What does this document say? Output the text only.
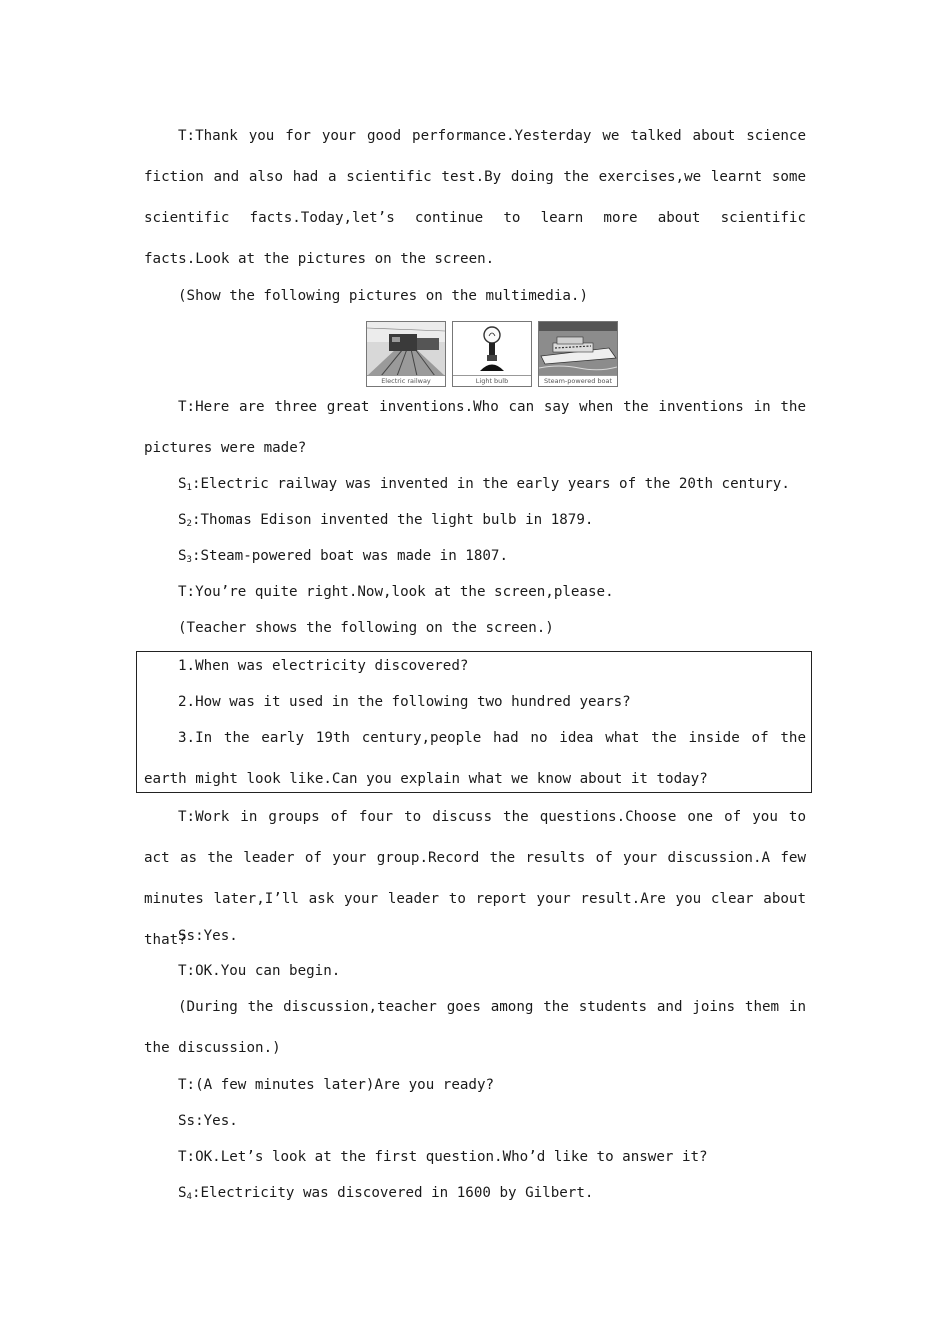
T:Thank you for your good performance.Yesterday we talked about science fiction and also had a scientific test.By doing the exercises,we learnt some scientific facts.Today,let’s continue to learn more about scientific facts.Look at the pictures on the screen.
(Show the following pictures on the multimedia.)
Electric railway	Light bulb	Steam-powered boat
T:Here are three great inventions.Who can say when the inventions in the pictures were made?
$S_1:Electric$ railway was invented in the early years of the 20th century.
$S_2:Thomas$ Edison invented the light bulb in 1879.
$S_3:Steam$-powered boat was made in 1807.
T:You’re quite right.Now,look at the screen,please.
(Teacher shows the following on the screen.)
1.When was electricity discovered?
2.How was it used in the following two hundred years?
3.In the early 19th century,people had no idea what the inside of the earth might look like.Can you explain what we know about it today?
T:Work in groups of four to discuss the questions.Choose one of you to act as the leader of your group.Record the results of your discussion.A few minutes later,I’ll ask your leader to report your result.Are you clear about that?
Ss:Yes.
T:OK.You can begin.
(During the discussion,teacher goes among the students and joins them in the discussion.)
T:(A few minutes later)Are you ready?
Ss:Yes.
T:OK.Let’s look at the first question.Who’d like to answer it?
$S_4:Electricity$ was discovered in 1600 by Gilbert.
